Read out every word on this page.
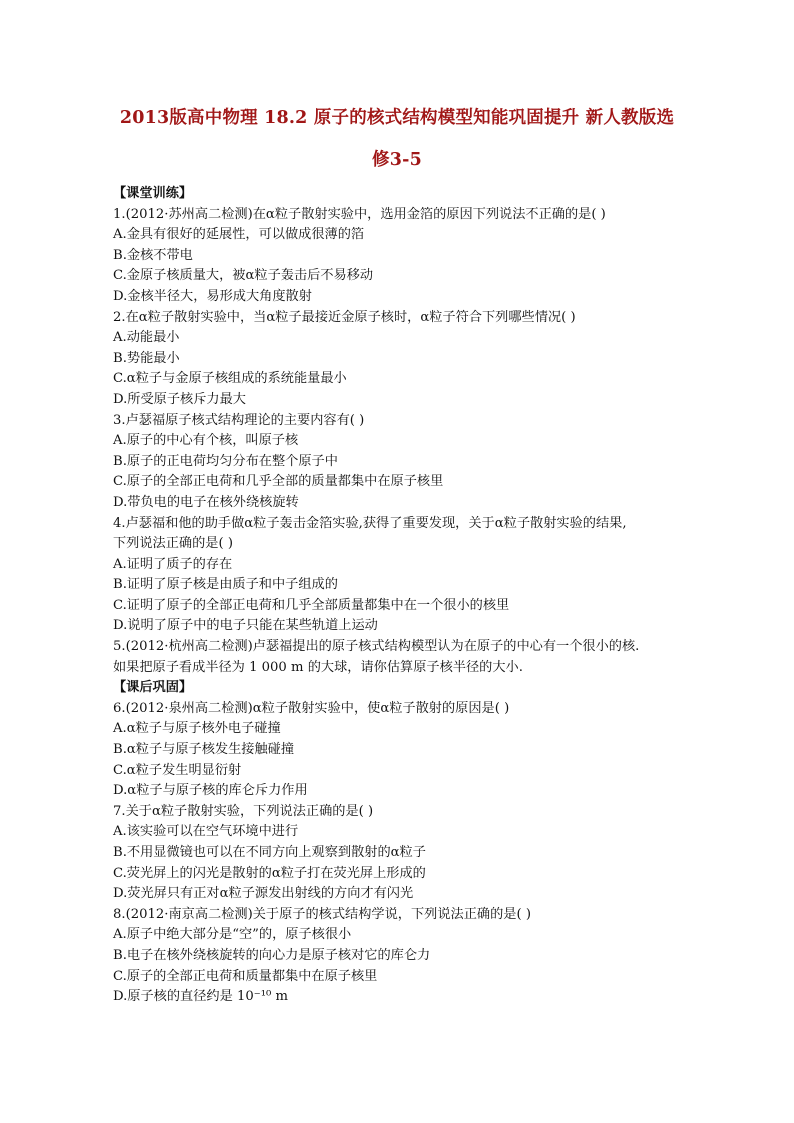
2013版高中物理 18.2 原子的核式结构模型知能巩固提升 新人教版选
修3-5
【课堂训练】
1.(2012·苏州高二检测)在α粒子散射实验中，选用金箔的原因下列说法不正确的是( )
A.金具有很好的延展性，可以做成很薄的箔
B.金核不带电
C.金原子核质量大，被α粒子轰击后不易移动
D.金核半径大，易形成大角度散射
2.在α粒子散射实验中，当α粒子最接近金原子核时，α粒子符合下列哪些情况( )
A.动能最小
B.势能最小
C.α粒子与金原子核组成的系统能量最小
D.所受原子核斥力最大
3.卢瑟福原子核式结构理论的主要内容有( )
A.原子的中心有个核，叫原子核
B.原子的正电荷均匀分布在整个原子中
C.原子的全部正电荷和几乎全部的质量都集中在原子核里
D.带负电的电子在核外绕核旋转
4.卢瑟福和他的助手做α粒子轰击金箔实验,获得了重要发现，关于α粒子散射实验的结果,
下列说法正确的是( )
A.证明了质子的存在
B.证明了原子核是由质子和中子组成的
C.证明了原子的全部正电荷和几乎全部质量都集中在一个很小的核里
D.说明了原子中的电子只能在某些轨道上运动
5.(2012·杭州高二检测)卢瑟福提出的原子核式结构模型认为在原子的中心有一个很小的核.
如果把原子看成半径为 1 000 m 的大球，请你估算原子核半径的大小.
【课后巩固】
6.(2012·泉州高二检测)α粒子散射实验中，使α粒子散射的原因是( )
A.α粒子与原子核外电子碰撞
B.α粒子与原子核发生接触碰撞
C.α粒子发生明显衍射
D.α粒子与原子核的库仑斥力作用
7.关于α粒子散射实验，下列说法正确的是( )
A.该实验可以在空气环境中进行
B.不用显微镜也可以在不同方向上观察到散射的α粒子
C.荧光屏上的闪光是散射的α粒子打在荧光屏上形成的
D.荧光屏只有正对α粒子源发出射线的方向才有闪光
8.(2012·南京高二检测)关于原子的核式结构学说，下列说法正确的是( )
A.原子中绝大部分是“空”的，原子核很小
B.电子在核外绕核旋转的向心力是原子核对它的库仑力
C.原子的全部正电荷和质量都集中在原子核里
D.原子核的直径约是 10⁻¹⁰ m
